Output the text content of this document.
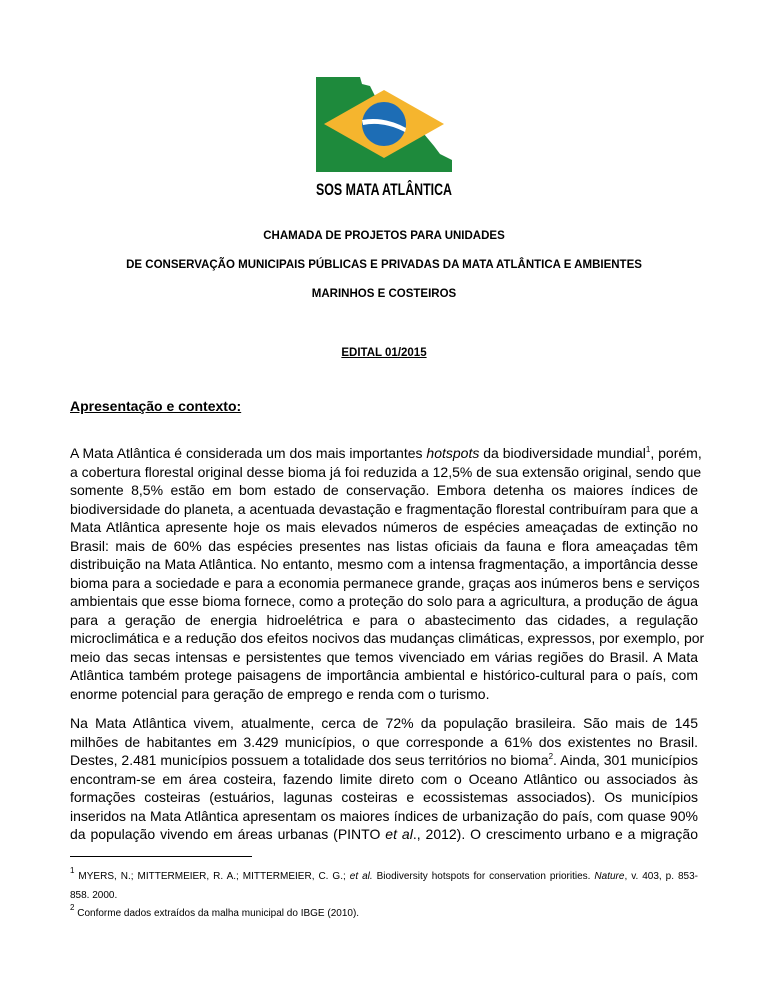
SOS MATA ATLÂNTICA
CHAMADA DE PROJETOS PARA UNIDADES
DE CONSERVAÇÃO MUNICIPAIS PÚBLICAS E PRIVADAS DA MATA ATLÂNTICA E AMBIENTES
MARINHOS E COSTEIROS
EDITAL 01/2015
Apresentação e contexto:
A Mata Atlântica é considerada um dos mais importantes hotspots da biodiversidade mundial$^1$, porém,
a cobertura florestal original desse bioma já foi reduzida a 12,5% de sua extensão original, sendo que
somente 8,5% estão em bom estado de conservação. Embora detenha os maiores índices de
biodiversidade do planeta, a acentuada devastação e fragmentação florestal contribuíram para que a
Mata Atlântica apresente hoje os mais elevados números de espécies ameaçadas de extinção no
Brasil: mais de 60% das espécies presentes nas listas oficiais da fauna e flora ameaçadas têm
distribuição na Mata Atlântica. No entanto, mesmo com a intensa fragmentação, a importância desse
bioma para a sociedade e para a economia permanece grande, graças aos inúmeros bens e serviços
ambientais que esse bioma fornece, como a proteção do solo para a agricultura, a produção de água
para a geração de energia hidroelétrica e para o abastecimento das cidades, a regulação
microclimática e a redução dos efeitos nocivos das mudanças climáticas, expressos, por exemplo, por
meio das secas intensas e persistentes que temos vivenciado em várias regiões do Brasil. A Mata
Atlântica também protege paisagens de importância ambiental e histórico-cultural para o país, com
enorme potencial para geração de emprego e renda com o turismo.
Na Mata Atlântica vivem, atualmente, cerca de 72% da população brasileira. São mais de 145
milhões de habitantes em 3.429 municípios, o que corresponde a 61% dos existentes no Brasil.
Destes, 2.481 municípios possuem a totalidade dos seus territórios no bioma$^2$. Ainda, 301 municípios
encontram-se em área costeira, fazendo limite direto com o Oceano Atlântico ou associados às
formações costeiras (estuários, lagunas costeiras e ecossistemas associados). Os municípios
inseridos na Mata Atlântica apresentam os maiores índices de urbanização do país, com quase 90%
da população vivendo em áreas urbanas (PINTO et al., 2012). O crescimento urbano e a migração
$^1$ MYERS, N.; MITTERMEIER, R. A.; MITTERMEIER, C. G.; et al. Biodiversity hotspots for conservation priorities. Nature, v. 403, p. 853-
858. 2000.
$^2$ Conforme dados extraídos da malha municipal do IBGE (2010).
